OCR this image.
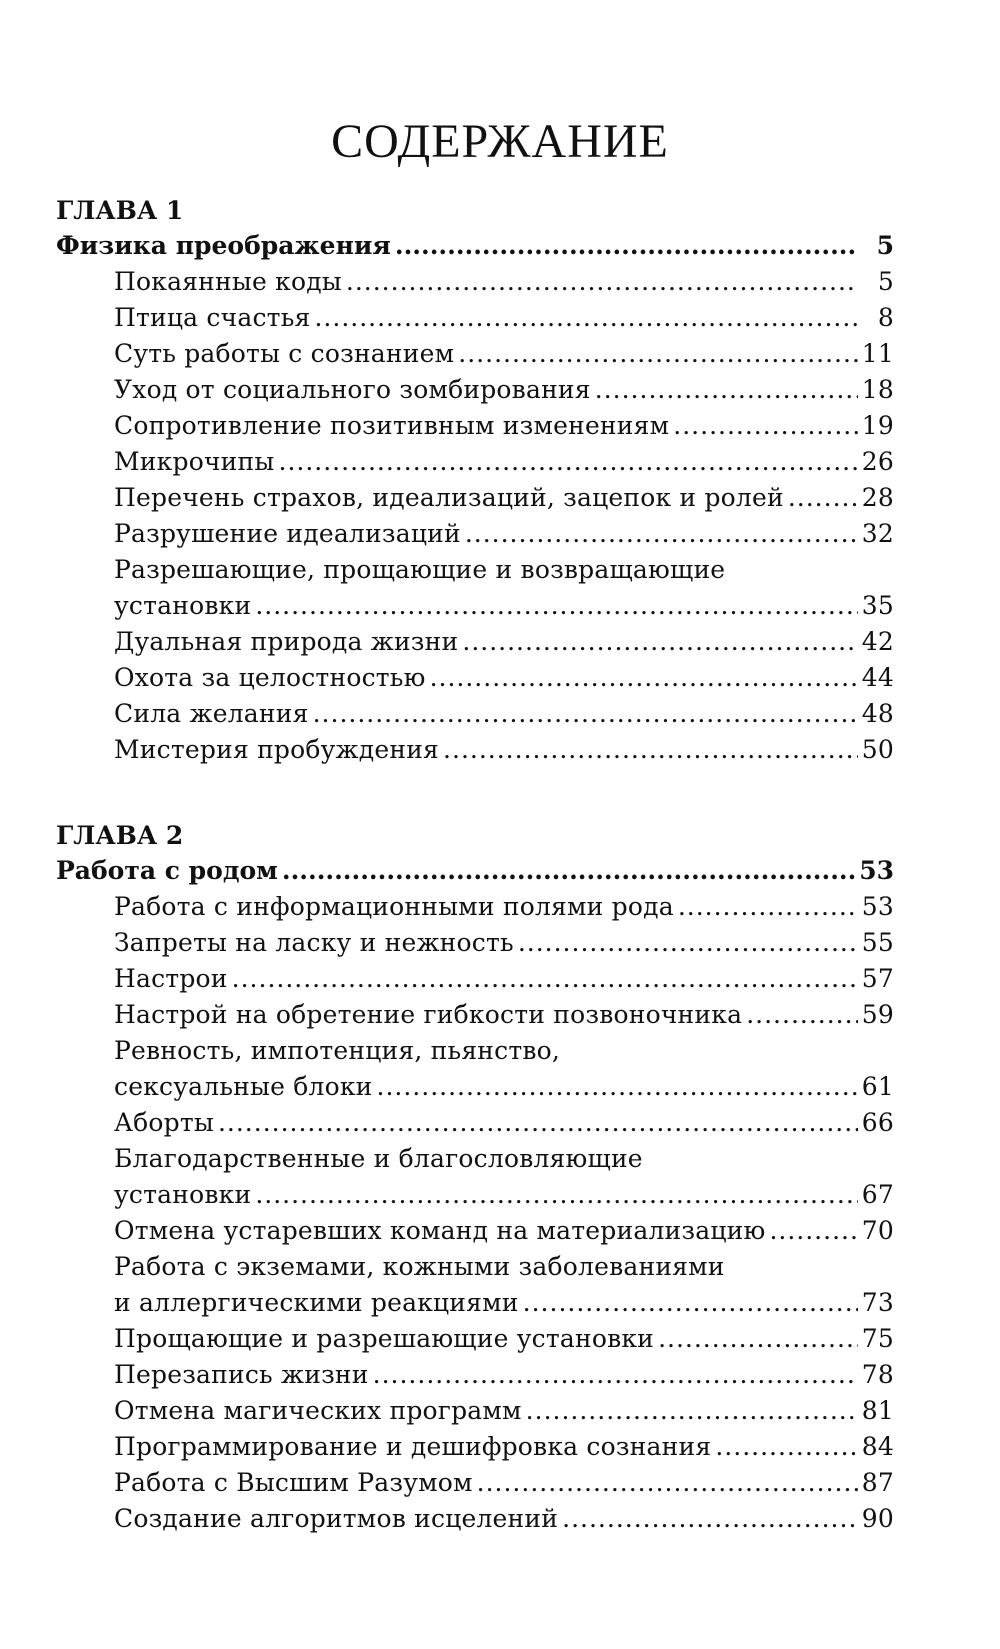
СОДЕРЖАНИЕ
ГЛАВА 1
Физика преображения .....	5
Покаянные коды .....	5
Птица счастья .....	8
Суть работы с сознанием .....	11
Уход от социального зомбирования .....	18
Сопротивление позитивным изменениям .....	19
Микрочипы .....	26
Перечень страхов, идеализаций, зацепок и ролей .....	28
Разрушение идеализаций .....	32
Разрешающие, прощающие и возвращающие
установки .....	35
Дуальная природа жизни .....	42
Охота за целостностью .....	44
Сила желания .....	48
Мистерия пробуждения .....	50
ГЛАВА 2
Работа с родом .....	53
Работа с информационными полями рода .....	53
Запреты на ласку и нежность .....	55
Настрои .....	57
Настрой на обретение гибкости позвоночника .....	59
Ревность, импотенция, пьянство,
сексуальные блоки .....	61
Аборты .....	66
Благодарственные и благословляющие
установки .....	67
Отмена устаревших команд на материализацию .....	70
Работа с экземами, кожными заболеваниями
и аллергическими реакциями .....	73
Прощающие и разрешающие установки .....	75
Перезапись жизни .....	78
Отмена магических программ .....	81
Программирование и дешифровка сознания .....	84
Работа с Высшим Разумом .....	87
Создание алгоритмов исцелений .....	90
